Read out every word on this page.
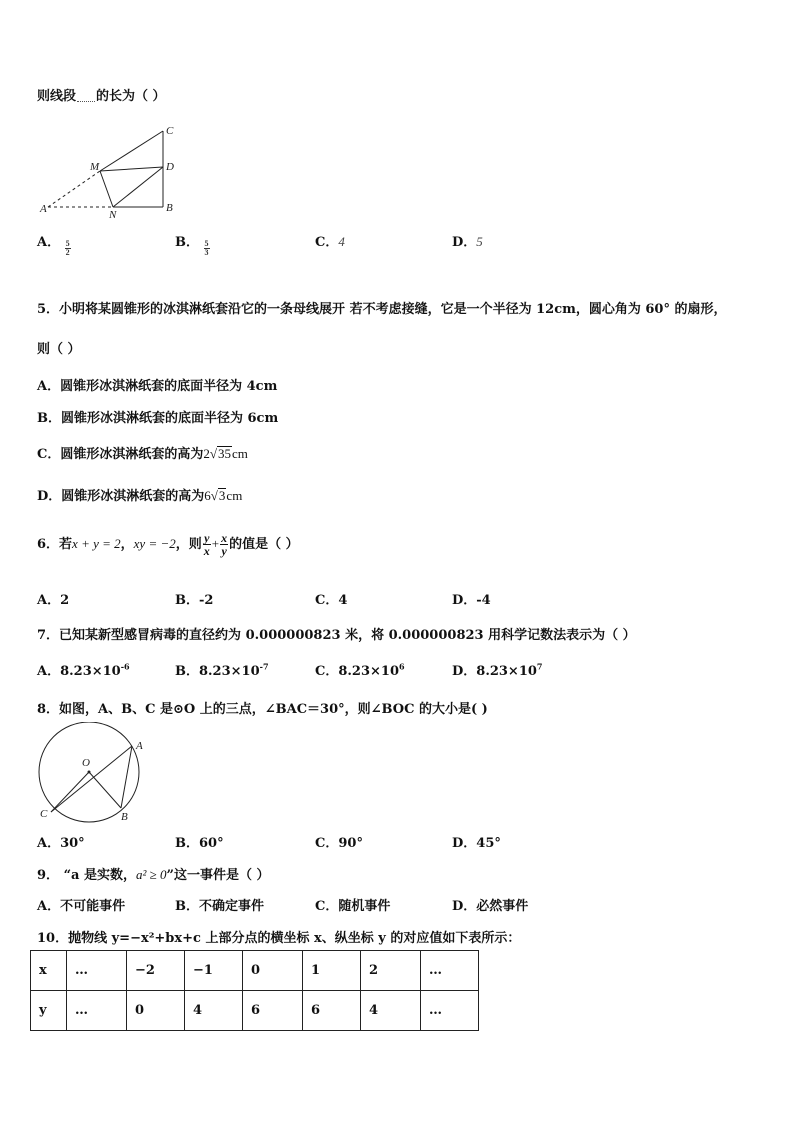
则线段 的长为（ ）
C
M	D
A	N
B
A． $\frac{5}{2}$	B． $\frac{5}{3}$	C．4	D．5
5．小明将某圆锥形的冰淇淋纸套沿它的一条母线展开 若不考虑接缝，它是一个半径为 12cm，圆心角为 60° 的扇形，
则（ ）
A．圆锥形冰淇淋纸套的底面半径为 4cm
B．圆锥形冰淇淋纸套的底面半径为 6cm
C．圆锥形冰淇淋纸套的高为2√35cm
D．圆锥形冰淇淋纸套的高为6√3cm
6．若x + y = 2，xy = −2，则 $\frac{y}{x} + \frac{x}{y}$ 的值是（ ）
A．2	B．-2	C．4	D．-4
7．已知某新型感冒病毒的直径约为 0.000000823 米，将 0.000000823 用科学记数法表示为（ ）
A．$8.23\times 10^{-6}$	B．$8.23\times 10^{-7}$	C．$8.23\times 10^6$	D．$8.23\times 10^7$
8．如图，A、B、C 是⊙O 上的三点，∠BAC＝30°，则∠BOC 的大小是( )
O
A
B
C
A．30°	B．60°	C．90°	D．45°
9． “a 是实数，a² ≥ 0”这一事件是（ ）
A．不可能事件	B．不确定事件	C．随机事件	D．必然事件
10．抛物线 y=−x²+bx+c 上部分点的横坐标 x、纵坐标 y 的对应值如下表所示：
x	…	−2	−1	0	1	2	…
y	…	0	4	6	6	4	…
